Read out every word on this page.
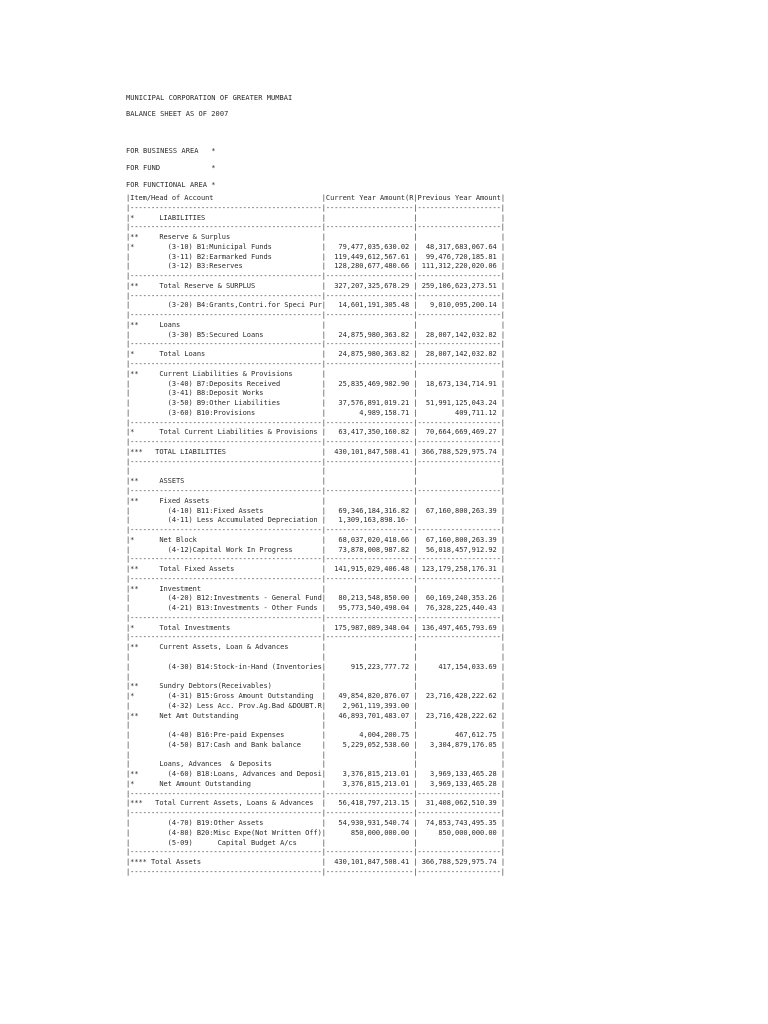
MUNICIPAL CORPORATION OF GREATER MUMBAI
BALANCE SHEET AS OF 2007
FOR BUSINESS AREA   *
FOR FUND            *
FOR FUNCTIONAL AREA *
|Item/Head of Account                          |Current Year Amount(R|Previous Year Amount|
|----------------------------------------------|---------------------|--------------------|
|*      LIABILITIES                            |	|	|
|----------------------------------------------|---------------------|--------------------|
|**     Reserve & Surplus                      |	|	|
|*        (3-10) B1:Municipal Funds            |   79,477,035,630.02 |  48,317,683,067.64 |
|         (3-11) B2:Earmarked Funds            |  119,449,612,567.61 |  99,476,720,185.81 |
|         (3-12) B3:Reserves                   |  128,280,677,480.66 | 111,312,220,020.06 |
|----------------------------------------------|---------------------|--------------------|
|**     Total Reserve & SURPLUS                |  327,207,325,678.29 | 259,106,623,273.51 |
|----------------------------------------------|---------------------|--------------------|
|         (3-20) B4:Grants,Contri.for Speci Pur|   14,601,191,305.48 |   9,010,095,200.14 |
|----------------------------------------------|---------------------|--------------------|
|**     Loans                                  |	|	|
|         (3-30) B5:Secured Loans              |   24,875,980,363.82 |  28,007,142,032.82 |
|----------------------------------------------|---------------------|--------------------|
|*      Total Loans                            |   24,875,980,363.82 |  28,007,142,032.82 |
|----------------------------------------------|---------------------|--------------------|
|**     Current Liabilities & Provisions       |	|	|
|         (3-40) B7:Deposits Received          |   25,835,469,982.90 |  18,673,134,714.91 |
|         (3-41) B8:Deposit Works              |	|	|
|         (3-50) B9:Other Liabilities          |   37,576,891,019.21 |  51,991,125,043.24 |
|         (3-60) B10:Provisions                |        4,989,158.71 |         409,711.12 |
|----------------------------------------------|---------------------|--------------------|
|*      Total Current Liabilities & Provisions |   63,417,350,160.82 |  70,664,669,469.27 |
|----------------------------------------------|---------------------|--------------------|
|***   TOTAL LIABILITIES                       |  430,101,847,508.41 | 366,788,529,975.74 |
|----------------------------------------------|---------------------|--------------------|
|	|	|	|
|**     ASSETS                                 |	|	|
|----------------------------------------------|---------------------|--------------------|
|**     Fixed Assets                           |	|	|
|         (4-10) B11:Fixed Assets              |   69,346,184,316.82 |  67,160,800,263.39 |
|         (4-11) Less Accumulated Depreciation |   1,309,163,898.16- |	|
|----------------------------------------------|---------------------|--------------------|
|*      Net Block                              |   68,037,020,418.66 |  67,160,800,263.39 |
|         (4-12)Capital Work In Progress       |   73,878,008,987.82 |  56,018,457,912.92 |
|----------------------------------------------|---------------------|--------------------|
|**     Total Fixed Assets                     |  141,915,029,406.48 | 123,179,258,176.31 |
|----------------------------------------------|---------------------|--------------------|
|**     Investment                             |	|	|
|         (4-20) B12:Investments - General Fund|   80,213,548,850.00 |  60,169,240,353.26 |
|         (4-21) B13:Investments - Other Funds |   95,773,540,498.04 |  76,328,225,440.43 |
|----------------------------------------------|---------------------|--------------------|
|*      Total Investments                      |  175,987,089,348.04 | 136,497,465,793.69 |
|----------------------------------------------|---------------------|--------------------|
|**     Current Assets, Loan & Advances        |	|	|
|	|	|	|
|         (4-30) B14:Stock-in-Hand (Inventories|      915,223,777.72 |     417,154,033.69 |
|	|	|	|
|**     Sundry Debtors(Receivables)            |	|	|
|*        (4-31) B15:Gross Amount Outstanding  |   49,854,820,876.07 |  23,716,428,222.62 |
|         (4-32) Less Acc. Prov.Ag.Bad &DOUBT.R|    2,961,119,393.00 |	|
|**     Net Amt Outstanding                    |   46,893,701,483.07 |  23,716,428,222.62 |
|	|	|	|
|         (4-40) B16:Pre-paid Expenses         |        4,004,200.75 |         467,612.75 |
|         (4-50) B17:Cash and Bank balance     |    5,229,052,538.60 |   3,304,879,176.05 |
|	|	|	|
|       Loans, Advances  & Deposits            |	|	|
|**       (4-60) B18:Loans, Advances and Deposi|    3,376,815,213.01 |   3,969,133,465.28 |
|*      Net Amount Outstanding                 |    3,376,815,213.01 |   3,969,133,465.28 |
|----------------------------------------------|---------------------|--------------------|
|***   Total Current Assets, Loans & Advances  |   56,418,797,213.15 |  31,408,062,510.39 |
|----------------------------------------------|---------------------|--------------------|
|         (4-70) B19:Other Assets              |   54,930,931,540.74 |  74,853,743,495.35 |
|         (4-80) B20:Misc Expe(Not Written Off)|      850,000,000.00 |     850,000,000.00 |
|         (5-09)      Capital Budget A/cs      |	|	|
|----------------------------------------------|---------------------|--------------------|
|**** Total Assets                             |  430,101,847,508.41 | 366,788,529,975.74 |
|----------------------------------------------|---------------------|--------------------|
